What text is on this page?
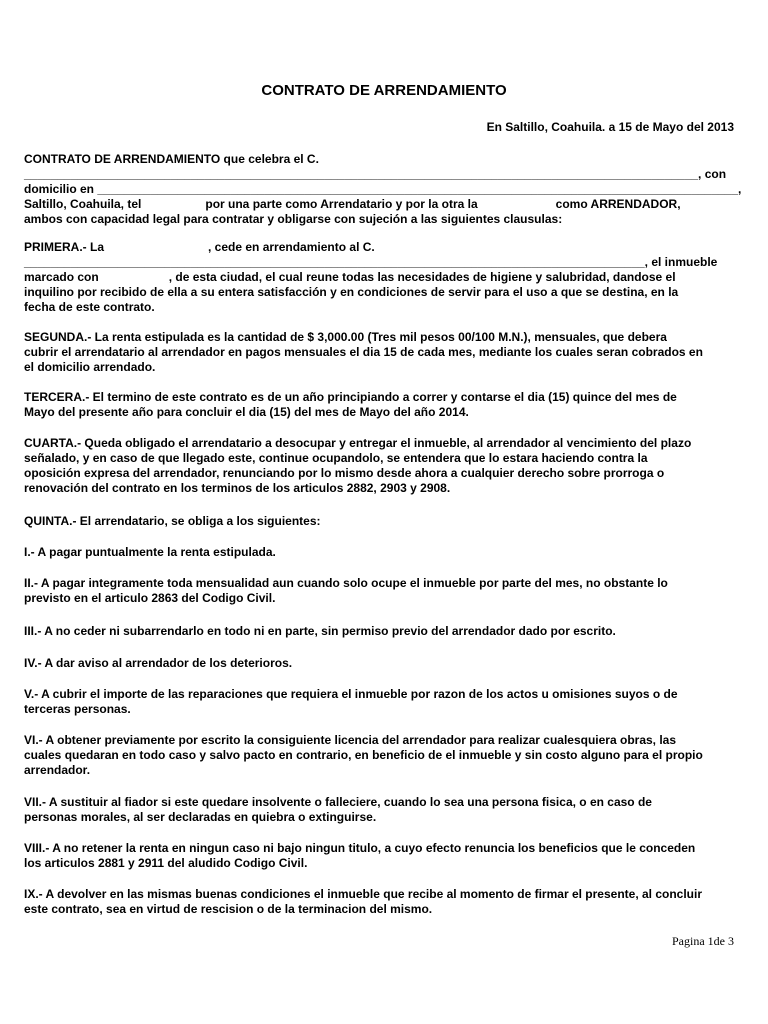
CONTRATO DE ARRENDAMIENTO
En Saltillo, Coahuila. a 15 de Mayo del 2013
CONTRATO DE ARRENDAMIENTO que celebra el C.
_____________________________________________________________________________________________________, con
domicilio en ________________________________________________________________________________________________,
Saltillo, Coahuila, tel	por una parte como Arrendatario y por la otra la	como ARRENDADOR,
ambos con capacidad legal para contratar y obligarse con sujeción a las siguientes clausulas:
PRIMERA.- La	, cede en arrendamiento al C.
_____________________________________________________________________________________________, el inmueble
marcado con	, de esta ciudad, el cual reune todas las necesidades de higiene y salubridad, dandose el
inquilino por recibido de ella a su entera satisfacción y en condiciones de servir para el uso a que se destina, en la
fecha de este contrato.
SEGUNDA.- La renta estipulada es la cantidad de $ 3,000.00 (Tres mil pesos 00/100 M.N.), mensuales, que debera
cubrir el arrendatario al arrendador en pagos mensuales el dia 15 de cada mes, mediante los cuales seran cobrados en
el domicilio arrendado.
TERCERA.- El termino de este contrato es de un año principiando a correr y contarse el dia (15) quince del mes de
Mayo del presente año para concluir el dia (15) del mes de Mayo del año 2014.
CUARTA.- Queda obligado el arrendatario a desocupar y entregar el inmueble, al arrendador al vencimiento del plazo
señalado, y en caso de que llegado este, continue ocupandolo, se entendera que lo estara haciendo contra la
oposición expresa del arrendador, renunciando por lo mismo desde ahora a cualquier derecho sobre prorroga o
renovación del contrato en los terminos de los articulos 2882, 2903 y 2908.
QUINTA.- El arrendatario, se obliga a los siguientes:
I.- A pagar puntualmente la renta estipulada.
II.- A pagar integramente toda mensualidad aun cuando solo ocupe el inmueble por parte del mes, no obstante lo
previsto en el articulo 2863 del Codigo Civil.
III.- A no ceder ni subarrendarlo en todo ni en parte, sin permiso previo del arrendador dado por escrito.
IV.- A dar aviso al arrendador de los deterioros.
V.- A cubrir el importe de las reparaciones que requiera el inmueble por razon de los actos u omisiones suyos o de
terceras personas.
VI.- A obtener previamente por escrito la consiguiente licencia del arrendador para realizar cualesquiera obras, las
cuales quedaran en todo caso y salvo pacto en contrario, en beneficio de el inmueble y sin costo alguno para el propio
arrendador.
VII.- A sustituir al fiador si este quedare insolvente o falleciere, cuando lo sea una persona fisica, o en caso de
personas morales, al ser declaradas en quiebra o extinguirse.
VIII.- A no retener la renta en ningun caso ni bajo ningun titulo, a cuyo efecto renuncia los beneficios que le conceden
los articulos 2881 y 2911 del aludido Codigo Civil.
IX.- A devolver en las mismas buenas condiciones el inmueble que recibe al momento de firmar el presente, al concluir
este contrato, sea en virtud de rescision o de la terminacion del mismo.
Pagina 1de 3
